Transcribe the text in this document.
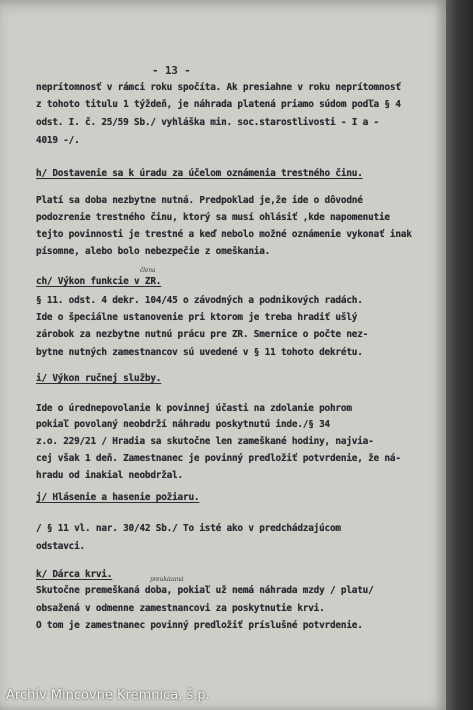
- 13 -
neprítomnosť v rámci roku spočíta. Ak presiahne v roku neprítomnosť
z tohoto titulu 1 týždeň, je náhrada platená priamo súdom podľa § 4
odst. I. č. 25/59 Sb./ vyhláška min. soc.starostlivosti - I a -
4019 -/.
h/ Dostavenie sa k úradu za účelom oznámenia trestného činu.
Platí sa doba nezbytne nutná. Predpoklad je,že ide o dôvodné
podozrenie trestného činu, ktorý sa musí ohlásiť ,kde napomenutie
tejto povinnosti je trestné a keď nebolo možné oznámenie vykonať inak
písomne, alebo bolo nebezpečie z omeškania.
člena
ch/ Výkon funkcie v ZR.
§ 11. odst. 4 dekr. 104/45 o závodných a podnikových radách.
Ide o špeciálne ustanovenie pri ktorom je treba hradiť ušlý
zárobok za nezbytne nutnú prácu pre ZR. Smernice o počte nez-
bytne nutných zamestnancov sú uvedené v § 11 tohoto dekrétu.
i/ Výkon ručnej služby.
Ide o úrednepovolanie k povinnej účasti na zdolanie pohrom
pokiaľ povolaný neobdrží náhradu poskytnutú inde./§ 34
z.o. 229/21 / Hradia sa skutočne len zameškané hodiny, najvia-
cej však 1 deň. Zamestnanec je povinný predložiť potvrdenie, že ná-
hradu od inakial neobdržal.
j/ Hlásenie a hasenie požiaru.
/ § 11 vl. nar. 30/42 Sb./ To isté ako v predchádzajúcom
odstavci.
k/ Dárca krvi.	preukázaná
Skutočne premeškaná doba, pokiaľ už nemá náhrada mzdy / platu/
obsažená v odmenne zamestnancovi za poskytnutie krvi.
O tom je zamestnanec povinný predložiť príslušné potvrdenie.
Archív Mincovne Kremnica, š.p.
